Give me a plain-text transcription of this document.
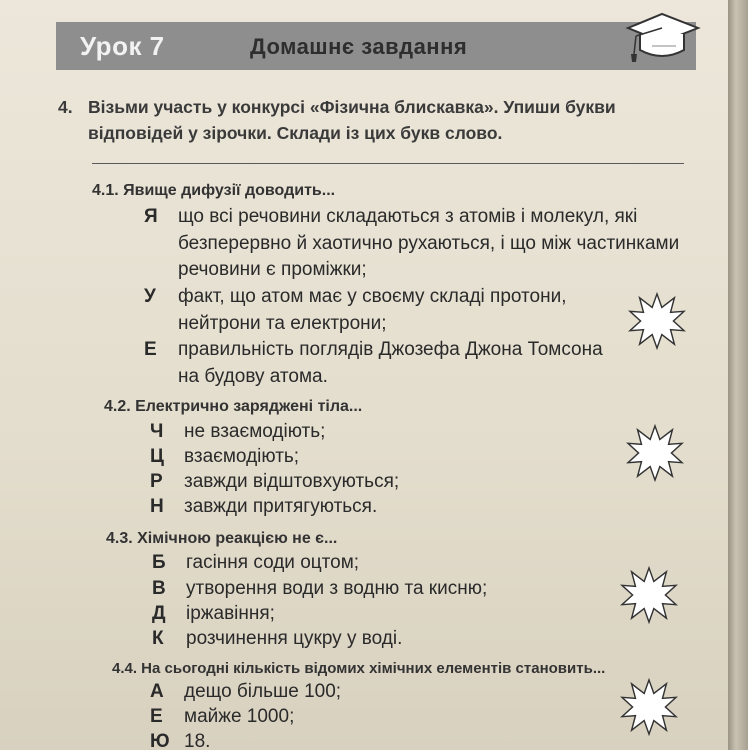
Урок 7	Домашнє завдання
4. Візьми участь у конкурсі «Фізична блискавка». Упиши букви відповідей у зірочки. Склади із цих букв слово.
4.1. Явище дифузії доводить...
Я	що всі речовини складаються з атомів і молекул, які безперервно й хаотично рухаються, і що між частинками речовини є проміжки;
У	факт, що атом має у своєму складі протони, нейтрони та електрони;
Е	правильність поглядів Джозефа Джона Томсона на будову атома.
4.2. Електрично заряджені тіла...
Ч	не взаємодіють;
Ц	взаємодіють;
Р	завжди відштовхуються;
Н	завжди притягуються.
4.3. Хімічною реакцією не є...
Б	гасіння соди оцтом;
В	утворення води з водню та кисню;
Д	іржавіння;
К	розчинення цукру у воді.
4.4. На сьогодні кількість відомих хімічних елементів становить...
А	дещо більше 100;
Е	майже 1000;
Ю 18.
